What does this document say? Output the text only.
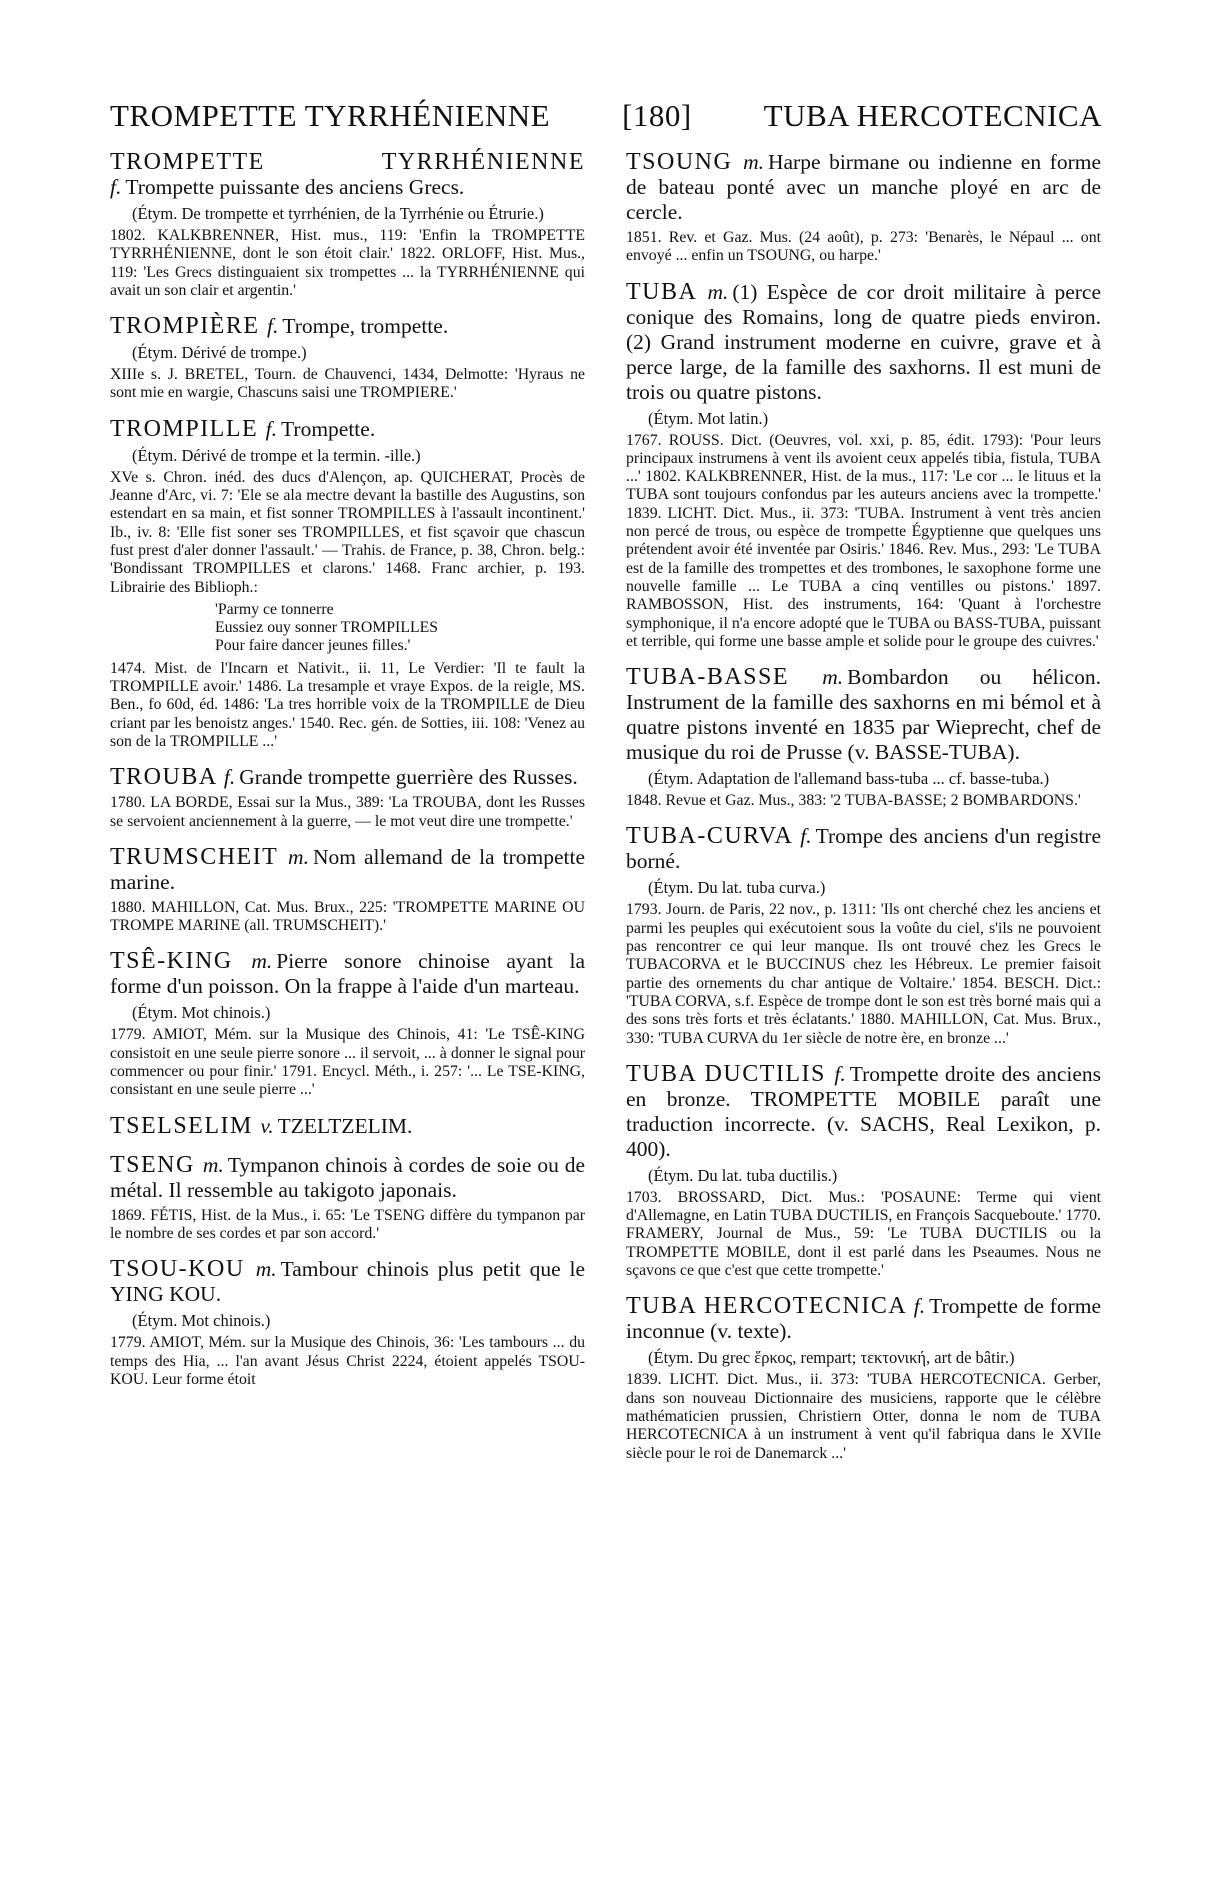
TROMPETTE TYRRHÉNIENNE [180] TUBA HERCOTECNICA

TROMPETTE TYRRHÉNIENNEf. Trompette puissante des anciens Grecs.

(Étym. De trompette et tyrrhénien, de la Tyrrhénie ou Étrurie.)

1802. KALKBRENNER, Hist. mus., 119: 'Enfin la TROMPETTE TYRRHÉNIENNE, dont le son étoit clair.' 1822. ORLOFF, Hist. Mus., 119: 'Les Grecs distinguaient six trompettes ... la TYRRHÉNIENNE qui avait un son clair et argentin.'

TROMPIÈRE f. Trompe, trompette.

(Étym. Dérivé de trompe.)

XIIIe s. J. BRETEL, Tourn. de Chauvenci, 1434, Delmotte: 'Hyraus ne sont mie en wargie, Chascuns saisi une TROMPIERE.'

TROMPILLE f. Trompette.

(Étym. Dérivé de trompe et la termin. -ille.)

XVe s. Chron. inéd. des ducs d'Alençon, ap. QUICHERAT, Procès de Jeanne d'Arc, vi. 7: 'Ele se ala mectre devant la bastille des Augustins, son estendart en sa main, et fist sonner TROMPILLES à l'assault incontinent.' Ib., iv. 8: 'Elle fist soner ses TROMPILLES, et fist sçavoir que chascun fust prest d'aler donner l'assault.' — Trahis. de France, p. 38, Chron. belg.: 'Bondissant TROMPILLES et clarons.' 1468. Franc archier, p. 193. Librairie des Biblioph.:

'Parmy ce tonnerre
Eussiez ouy sonner TROMPILLES
Pour faire dancer jeunes filles.'

1474. Mist. de l'Incarn et Nativit., ii. 11, Le Verdier: 'Il te fault la TROMPILLE avoir.' 1486. La tresample et vraye Expos. de la reigle, MS. Ben., fo 60d, éd. 1486: 'La tres horrible voix de la TROMPILLE de Dieu criant par les benoistz anges.' 1540. Rec. gén. de Sotties, iii. 108: 'Venez au son de la TROMPILLE ...'

TROUBA f. Grande trompette guerrière des Russes.

1780. LA BORDE, Essai sur la Mus., 389: 'La TROUBA, dont les Russes se servoient anciennement à la guerre, — le mot veut dire une trompette.'

TRUMSCHEIT m. Nom allemand de la trompette marine.

1880. MAHILLON, Cat. Mus. Brux., 225: 'TROMPETTE MARINE OU TROMPE MARINE (all. TRUMSCHEIT).'

TSÊ-KING m. Pierre sonore chinoise ayant la forme d'un poisson. On la frappe à l'aide d'un marteau.

(Étym. Mot chinois.)

1779. AMIOT, Mém. sur la Musique des Chinois, 41: 'Le TSÊ-KING consistoit en une seule pierre sonore ... il servoit, ... à donner le signal pour commencer ou pour finir.' 1791. Encycl. Méth., i. 257: '... Le TSE-KING, consistant en une seule pierre ...'

TSELSELIM v. TZELTZELIM.

TSENG m. Tympanon chinois à cordes de soie ou de métal. Il ressemble au takigoto japonais.

1869. FÉTIS, Hist. de la Mus., i. 65: 'Le TSENG diffère du tympanon par le nombre de ses cordes et par son accord.'

TSOU-KOU m. Tambour chinois plus petit que le YING KOU.

(Étym. Mot chinois.)

1779. AMIOT, Mém. sur la Musique des Chinois, 36: 'Les tambours ... du temps des Hia, ... l'an avant Jésus Christ 2224, étoient appelés TSOU-KOU. Leur forme étoit

TSOUNG m. Harpe birmane ou indienne en forme de bateau ponté avec un manche ployé en arc de cercle.

1851. Rev. et Gaz. Mus. (24 août), p. 273: 'Benarès, le Népaul ... ont envoyé ... enfin un TSOUNG, ou harpe.'

TUBA m. (1) Espèce de cor droit militaire à perce conique des Romains, long de quatre pieds environ. (2) Grand instrument moderne en cuivre, grave et à perce large, de la famille des saxhorns. Il est muni de trois ou quatre pistons.

(Étym. Mot latin.)

1767. ROUSS. Dict. (Oeuvres, vol. xxi, p. 85, édit. 1793): 'Pour leurs principaux instrumens à vent ils avoient ceux appelés tibia, fistula, TUBA ...' 1802. KALKBRENNER, Hist. de la mus., 117: 'Le cor ... le lituus et la TUBA sont toujours confondus par les auteurs anciens avec la trompette.' 1839. LICHT. Dict. Mus., ii. 373: 'TUBA. Instrument à vent très ancien non percé de trous, ou espèce de trompette Égyptienne que quelques uns prétendent avoir été inventée par Osiris.' 1846. Rev. Mus., 293: 'Le TUBA est de la famille des trompettes et des trombones, le saxophone forme une nouvelle famille ... Le TUBA a cinq ventilles ou pistons.' 1897. RAMBOSSON, Hist. des instruments, 164: 'Quant à l'orchestre symphonique, il n'a encore adopté que le TUBA ou BASS-TUBA, puissant et terrible, qui forme une basse ample et solide pour le groupe des cuivres.'

TUBA-BASSE m. Bombardon ou hélicon. Instrument de la famille des saxhorns en mi bémol et à quatre pistons inventé en 1835 par Wieprecht, chef de musique du roi de Prusse (v. BASSE-TUBA).

(Étym. Adaptation de l'allemand bass-tuba ... cf. basse-tuba.)

1848. Revue et Gaz. Mus., 383: '2 TUBA-BASSE; 2 BOMBARDONS.'

TUBA-CURVA f. Trompe des anciens d'un registre borné.

(Étym. Du lat. tuba curva.)

1793. Journ. de Paris, 22 nov., p. 1311: 'Ils ont cherché chez les anciens et parmi les peuples qui exécutoient sous la voûte du ciel, s'ils ne pouvoient pas rencontrer ce qui leur manque. Ils ont trouvé chez les Grecs le TUBACORVA et le BUCCINUS chez les Hébreux. Le premier faisoit partie des ornements du char antique de Voltaire.' 1854. BESCH. Dict.: 'TUBA CORVA, s.f. Espèce de trompe dont le son est très borné mais qui a des sons très forts et très éclatants.' 1880. MAHILLON, Cat. Mus. Brux., 330: 'TUBA CURVA du 1er siècle de notre ère, en bronze ...'

TUBA DUCTILIS f. Trompette droite des anciens en bronze. TROMPETTE MOBILE paraît une traduction incorrecte. (v. SACHS, Real Lexikon, p. 400).

(Étym. Du lat. tuba ductilis.)

1703. BROSSARD, Dict. Mus.: 'POSAUNE: Terme qui vient d'Allemagne, en Latin TUBA DUCTILIS, en François Sacqueboute.' 1770. FRAMERY, Journal de Mus., 59: 'Le TUBA DUCTILIS ou la TROMPETTE MOBILE, dont il est parlé dans les Pseaumes. Nous ne sçavons ce que c'est que cette trompette.'

TUBA HERCOTECNICA f. Trompette de forme inconnue (v. texte).

(Étym. Du grec ἕρκος, rempart; τεκτονική, art de bâtir.)

1839. LICHT. Dict. Mus., ii. 373: 'TUBA HERCOTECNICA. Gerber, dans son nouveau Dictionnaire des musiciens, rapporte que le célèbre mathématicien prussien, Christiern Otter, donna le nom de TUBA HERCOTECNICA à un instrument à vent qu'il fabriqua dans le XVIIe siècle pour le roi de Danemarck ...'
